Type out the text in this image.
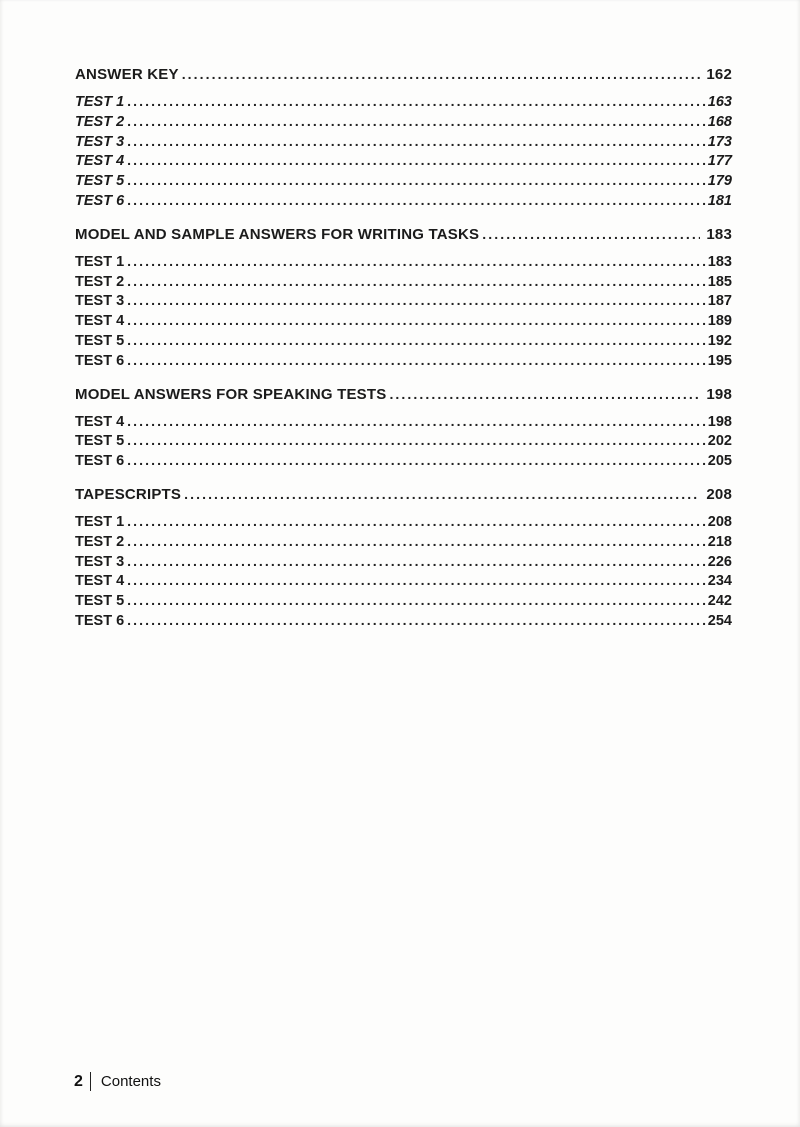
ANSWER KEY .....	162
TEST 1 .....	163
TEST 2 .....	168
TEST 3 .....	173
TEST 4 .....	177
TEST 5 .....	179
TEST 6 .....	181
MODEL AND SAMPLE ANSWERS FOR WRITING TASKS .....	183
TEST 1 .....	183
TEST 2 .....	185
TEST 3 .....	187
TEST 4 .....	189
TEST 5 .....	192
TEST 6 .....	195
MODEL ANSWERS FOR SPEAKING TESTS .....	198
TEST 4 .....	198
TEST 5 .....	202
TEST 6 .....	205
TAPESCRIPTS .....	208
TEST 1 .....	208
TEST 2 .....	218
TEST 3 .....	226
TEST 4 .....	234
TEST 5 .....	242
TEST 6 .....	254
2 Contents
